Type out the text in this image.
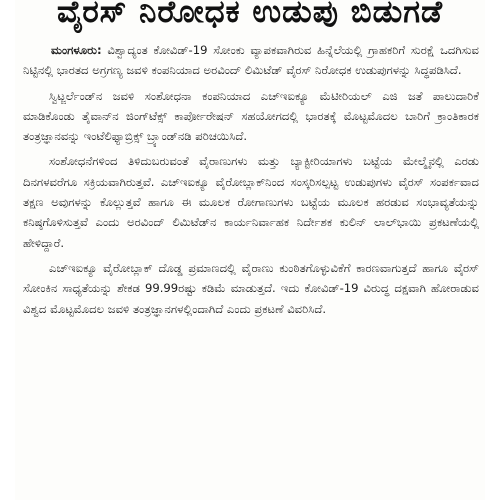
ವೈರಸ್ ನಿರೋಧಕ ಉಡುಪು ಬಿಡುಗಡೆ

ಮಂಗಳೂರು: ವಿಶ್ವಾದ್ಯಂತ ಕೋವಿಡ್-19 ಸೋಂಕು ವ್ಯಾಪಕವಾಗಿರುವ ಹಿನ್ನೆಲೆಯಲ್ಲಿ ಗ್ರಾಹಕರಿಗೆ ಸುರಕ್ಷೆ ಒದಗಿಸುವ ನಿಟ್ಟಿನಲ್ಲಿ ಭಾರತದ ಅಗ್ರಗಣ್ಯ ಜವಳಿ ಕಂಪನಿಯಾದ ಅರವಿಂದ್ ಲಿಮಿಟೆಡ್ ವೈರಸ್ ನಿರೋಧಕ ಉಡುಪುಗಳನ್ನು ಸಿದ್ಧಪಡಿಸಿದೆ.

ಸ್ವಿಟ್ಜರ್ಲೆಂಡ್‌ನ ಜವಳಿ ಸಂಶೋಧನಾ ಕಂಪನಿಯಾದ ಎಚ್‌ಇಐಕ್ಯೂ ಮೆಟೀರಿಯಲ್ ಎಜಿ ಜತೆ ಪಾಲುದಾರಿಕೆ ಮಾಡಿಕೊಂಡು ತೈವಾನ್‌ನ ಜಿಂಗ್‌ಟೆಕ್ಸ್ ಕಾರ್ಪೋರೇಷನ್ ಸಹಯೋಗದಲ್ಲಿ ಭಾರತಕ್ಕೆ ಮೊಟ್ಟಮೊದಲ ಬಾರಿಗೆ ಕ್ರಾಂತಿಕಾರಕ ತಂತ್ರಜ್ಞಾನವನ್ನು ಇಂಟೆಲಿಫ್ಯಾಬ್ರಿಕ್ಸ್ ಬ್ರ್ಯಾಂಡ್‌ನಡಿ ಪರಿಚಯಿಸಿದೆ.

ಸಂಶೋಧನೆಗಳಿಂದ ತಿಳಿದುಬರುವಂತೆ ವೈರಾಣುಗಳು ಮತ್ತು ಬ್ಯಾಕ್ಟೀರಿಯಾಗಳು ಬಟ್ಟೆಯ ಮೇಲ್ಮೈನಲ್ಲಿ ಎರಡು ದಿನಗಳವರೆಗೂ ಸಕ್ರಿಯವಾಗಿರುತ್ತವೆ. ಎಚ್‌ಇಐಕ್ಯೂ ವೈರೋಬ್ಲಾಕ್‌ನಿಂದ ಸಂಸ್ಕರಿಸಲ್ಪಟ್ಟ ಉಡುಪುಗಳು ವೈರಸ್ ಸಂಪರ್ಕವಾದ ತಕ್ಷಣ ಅವುಗಳನ್ನು ಕೊಲ್ಲುತ್ತವೆ ಹಾಗೂ ಈ ಮೂಲಕ ರೋಗಾಣುಗಳು ಬಟ್ಟೆಯ ಮೂಲಕ ಹರಡುವ ಸಂಭಾವ್ಯತೆಯನ್ನು ಕನಿಷ್ಠಗೊಳಿಸುತ್ತವೆ ಎಂದು ಅರವಿಂದ್ ಲಿಮಿಟೆಡ್‌ನ ಕಾರ್ಯನಿರ್ವಾಹಕ ನಿರ್ದೇಶಕ ಕುಲಿನ್ ಲಾಲ್‌ಭಾಯಿ ಪ್ರಕಟಣೆಯಲ್ಲಿ ಹೇಳಿದ್ದಾರೆ.

ಎಚ್‌ಇಐಕ್ಯೂ ವೈರೋಬ್ಲಾಕ್ ದೊಡ್ಡ ಪ್ರಮಾಣದಲ್ಲಿ ವೈರಾಣು ಕುಂಠಿತಗೊಳ್ಳುವಿಕೆಗೆ ಕಾರಣವಾಗುತ್ತದೆ ಹಾಗೂ ವೈರಸ್ ಸೋಂಕಿನ ಸಾಧ್ಯತೆಯನ್ನು ಶೇಕಡ 99.99ರಷ್ಟು ಕಡಿಮೆ ಮಾಡುತ್ತದೆ. ಇದು ಕೋವಿಡ್-19 ವಿರುದ್ಧ ದಕ್ಷವಾಗಿ ಹೋರಾಡುವ ವಿಶ್ವದ ಮೊಟ್ಟಮೊದಲ ಜವಳಿ ತಂತ್ರಜ್ಞಾನಗಳಲ್ಲಿಂದಾಗಿದೆ ಎಂದು ಪ್ರಕಟಣೆ ವಿವರಿಸಿದೆ.
